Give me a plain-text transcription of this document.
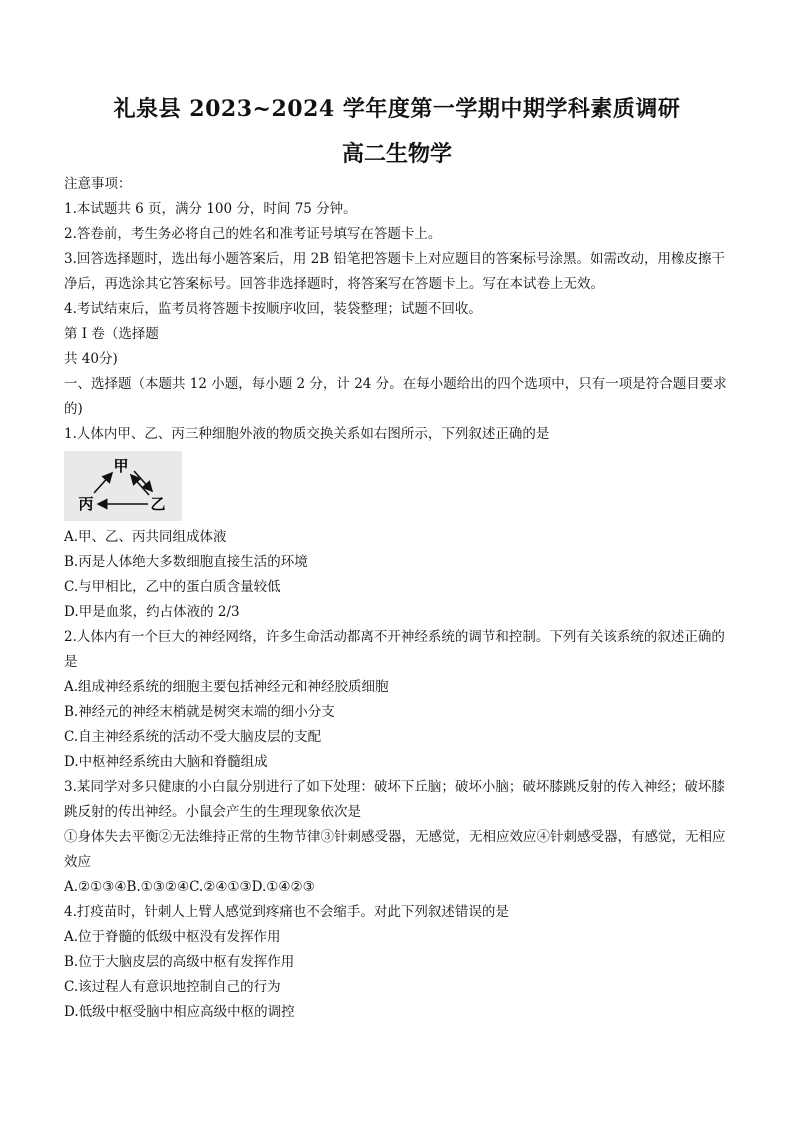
礼泉县 2023~2024 学年度第一学期中期学科素质调研
高二生物学

注意事项：

1.本试题共 6 页，满分 100 分，时间 75 分钟。

2.答卷前，考生务必将自己的姓名和准考证号填写在答题卡上。

3.回答选择题时，选出每小题答案后，用 2B 铅笔把答题卡上对应题目的答案标号涂黑。如需改动，用橡皮擦干净后，再选涂其它答案标号。回答非选择题时，将答案写在答题卡上。写在本试卷上无效。

4.考试结束后，监考员将答题卡按顺序收回，装袋整理；试题不回收。

第 I 卷（选择题

共 40分)

一、选择题（本题共 12 小题，每小题 2 分，计 24 分。在每小题给出的四个选项中，只有一项是符合题目要求的)

1.人体内甲、乙、丙三种细胞外液的物质交换关系如右图所示，下列叙述正确的是

甲
丙	乙

A.甲、乙、丙共同组成体液

B.丙是人体绝大多数细胞直接生活的环境

C.与甲相比，乙中的蛋白质含量较低

D.甲是血浆，约占体液的 2/3

2.人体内有一个巨大的神经网络，许多生命活动都离不开神经系统的调节和控制。下列有关该系统的叙述正确的是

A.组成神经系统的细胞主要包括神经元和神经胶质细胞

B.神经元的神经末梢就是树突末端的细小分支

C.自主神经系统的活动不受大脑皮层的支配

D.中枢神经系统由大脑和脊髓组成

3.某同学对多只健康的小白鼠分别进行了如下处理：破坏下丘脑；破坏小脑；破坏膝跳反射的传入神经；破坏膝跳反射的传出神经。小鼠会产生的生理现象依次是

①身体失去平衡②无法维持正常的生物节律③针刺感受器，无感觉，无相应效应④针刺感受器，有感觉，无相应效应

A.②①③④B.①③②④C.②④①③D.①④②③

4.打疫苗时，针刺人上臂人感觉到疼痛也不会缩手。对此下列叙述错误的是

A.位于脊髓的低级中枢没有发挥作用

B.位于大脑皮层的高级中枢有发挥作用

C.该过程人有意识地控制自己的行为

D.低级中枢受脑中相应高级中枢的调控
